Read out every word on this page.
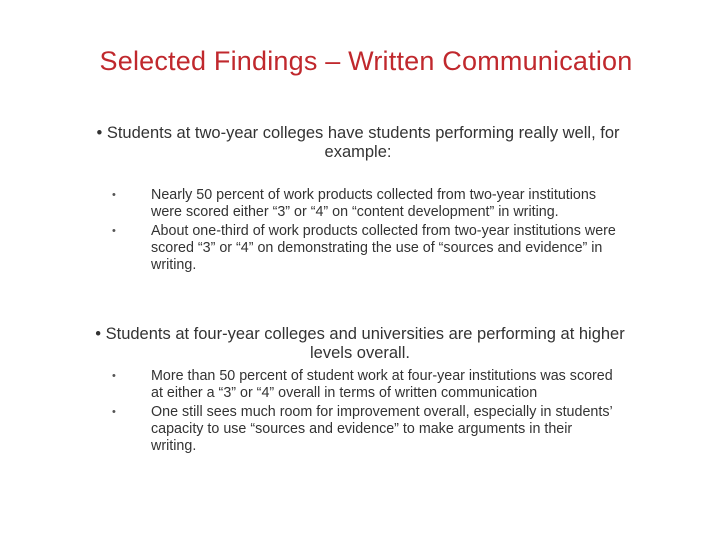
Selected Findings – Written Communication
• Students at two-year colleges have students performing really well, for example:
• Nearly 50 percent of work products collected from two-year institutions were scored either “3” or “4” on “content development” in writing.
• About one-third of work products collected from two-year institutions were scored “3” or “4” on demonstrating the use of “sources and evidence” in writing.
• Students at four-year colleges and universities are performing at higher levels overall.
• More than 50 percent of student work at four-year institutions was scored at either a “3” or “4” overall in terms of written communication
• One still sees much room for improvement overall, especially in students’ capacity to use “sources and evidence” to make arguments in their writing.
